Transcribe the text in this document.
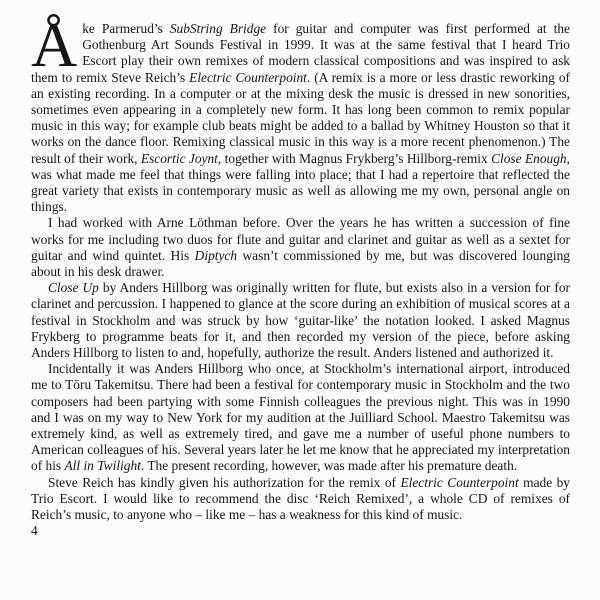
Åke Parmerud’s SubString Bridge for guitar and computer was first performed at the Gothenburg Art Sounds Festival in 1999. It was at the same festival that I heard Trio Escort play their own remixes of modern classical compositions and was inspired to ask them to remix Steve Reich’s Electric Counterpoint. (A remix is a more or less drastic reworking of an existing recording. In a computer or at the mixing desk the music is dressed in new sonorities, sometimes even appearing in a completely new form. It has long been common to remix popular music in this way; for example club beats might be added to a ballad by Whitney Houston so that it works on the dance floor. Remixing classical music in this way is a more recent phenomenon.) The result of their work, Escortic Joynt, together with Magnus Frykberg’s Hillborg-remix Close Enough, was what made me feel that things were falling into place; that I had a repertoire that reflected the great variety that exists in contemporary music as well as allowing me my own, personal angle on things.

I had worked with Arne Löthman before. Over the years he has written a succession of fine works for me including two duos for flute and guitar and clarinet and guitar as well as a sextet for guitar and wind quintet. His Diptych wasn’t commissioned by me, but was discovered lounging about in his desk drawer.

Close Up by Anders Hillborg was originally written for flute, but exists also in a version for for clarinet and percussion. I happened to glance at the score during an exhibition of musical scores at a festival in Stockholm and was struck by how ‘guitar-like’ the notation looked. I asked Magnus Frykberg to programme beats for it, and then recorded my version of the piece, before asking Anders Hillborg to listen to and, hopefully, authorize the result. Anders listened and authorized it.

Incidentally it was Anders Hillborg who once, at Stockholm’s international airport, introduced me to Tōru Takemitsu. There had been a festival for contemporary music in Stockholm and the two composers had been partying with some Finnish colleagues the previous night. This was in 1990 and I was on my way to New York for my audition at the Juilliard School. Maestro Takemitsu was extremely kind, as well as extremely tired, and gave me a number of useful phone numbers to American colleagues of his. Several years later he let me know that he appreciated my interpretation of his All in Twilight. The present recording, however, was made after his premature death.

Steve Reich has kindly given his authorization for the remix of Electric Counterpoint made by Trio Escort. I would like to recommend the disc ‘Reich Remixed’, a whole CD of remixes of Reich’s music, to anyone who – like me – has a weakness for this kind of music.

4
